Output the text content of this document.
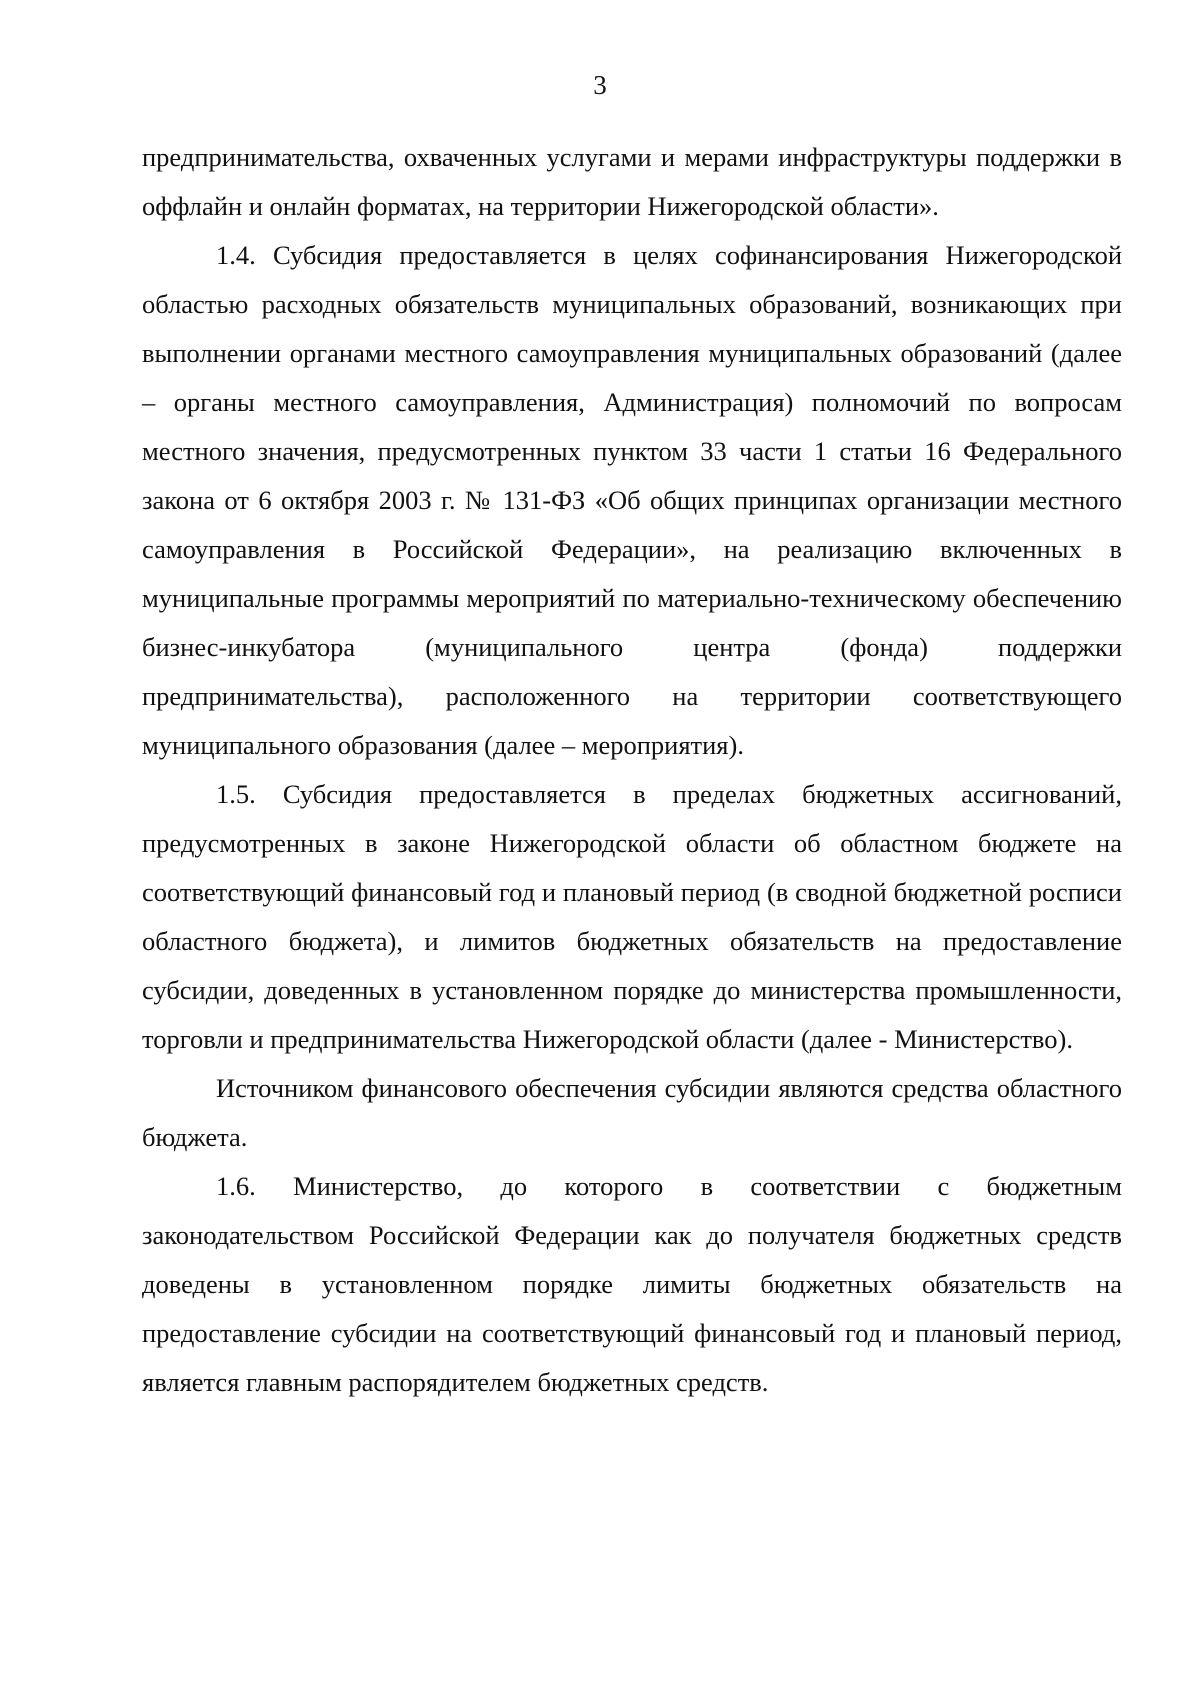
3

предпринимательства, охваченных услугами и мерами инфраструктуры поддержки в оффлайн и онлайн форматах, на территории Нижегородской области».

1.4. Субсидия предоставляется в целях софинансирования Нижегородской областью расходных обязательств муниципальных образований, возникающих при выполнении органами местного самоуправления муниципальных образований (далее – органы местного самоуправления, Администрация) полномочий по вопросам местного значения, предусмотренных пунктом 33 части 1 статьи 16 Федерального закона от 6 октября 2003 г. № 131-ФЗ «Об общих принципах организации местного самоуправления в Российской Федерации», на реализацию включенных в муниципальные программы мероприятий по материально-техническому обеспечению бизнес-инкубатора (муниципального центра (фонда) поддержки предпринимательства), расположенного на территории соответствующего муниципального образования (далее – мероприятия).

1.5. Субсидия предоставляется в пределах бюджетных ассигнований, предусмотренных в законе Нижегородской области об областном бюджете на соответствующий финансовый год и плановый период (в сводной бюджетной росписи областного бюджета), и лимитов бюджетных обязательств на предоставление субсидии, доведенных в установленном порядке до министерства промышленности, торговли и предпринимательства Нижегородской области (далее - Министерство).

Источником финансового обеспечения субсидии являются средства областного бюджета.

1.6. Министерство, до которого в соответствии с бюджетным законодательством Российской Федерации как до получателя бюджетных средств доведены в установленном порядке лимиты бюджетных обязательств на предоставление субсидии на соответствующий финансовый год и плановый период, является главным распорядителем бюджетных средств.
